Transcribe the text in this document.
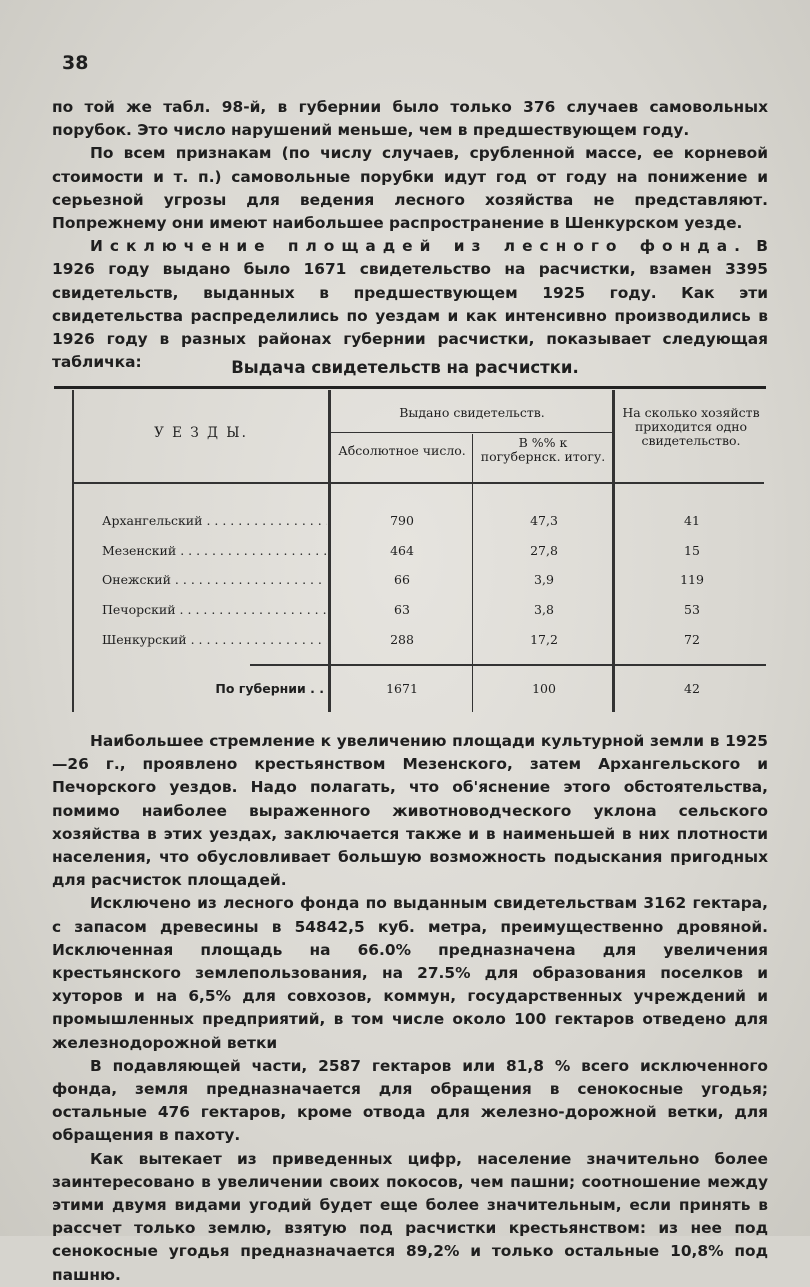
38

по той же табл. 98-й, в губернии было только 376 случаев самовольных порубок. Это число нарушений меньше, чем в предшествующем году.

По всем признакам (по числу случаев, срубленной массе, ее корневой стоимости и т. п.) самовольные порубки идут год от году на понижение и серьезной угрозы для ведения лесного хозяйства не представляют. Попрежнему они имеют наибольшее распространение в Шенкурском уезде.

Исключение площадей из лесного фонда. В 1926 году выдано было 1671 свидетельство на расчистки, взамен 3395 свидетельств, выданных в предшествующем 1925 году. Как эти свидетельства распределились по уездам и как интенсивно производились в 1926 году в разных районах губернии расчистки, показывает следующая табличка:	Выдача свидетельств на расчистки.
У Е З Д Ы.
Выдано свидетельств.
Абсолютное число.
В %% к погубернск. итогу.
На сколько хозяйств приходится одно свидетельство.
Архангельский . . .	790	47,3	41
Мезенский . . .	464	27,8	15
Онежский . . .	66	3,9	119
Печорский . . .	63	3,8	53
Шенкурский . . .	288	17,2	72
По губернии . .	1671	100	42

Наибольшее стремление к увеличению площади культурной земли в 1925—26 г., проявлено крестьянством Мезенского, затем Архангельского и Печорского уездов. Надо полагать, что об'яснение этого обстоятельства, помимо наиболее выраженного животноводческого уклона сельского хозяйства в этих уездах, заключается также и в наименьшей в них плотности населения, что обусловливает большую возможность подыскания пригодных для расчисток площадей.

Исключено из лесного фонда по выданным свидетельствам 3162 гектара, с запасом древесины в 54842,5 куб. метра, преимущественно дровяной. Исключенная площадь на 66.0% предназначена для увеличения крестьянского землепользования, на 27.5% для образования поселков и хуторов и на 6,5% для совхозов, коммун, государственных учреждений и промышленных предприятий, в том числе около 100 гектаров отведено для железнодорожной ветки

В подавляющей части, 2587 гектаров или 81,8 % всего исключенного фонда, земля предназначается для обращения в сенокосные угодья; остальные 476 гектаров, кроме отвода для железно-дорожной ветки, для обращения в пахоту.

Как вытекает из приведенных цифр, население значительно более заинтересовано в увеличении своих покосов, чем пашни; соотношение между этими двумя видами угодий будет еще более значительным, если принять в рассчет только землю, взятую под расчистки крестьянством: из нее под сенокосные угодья предназначается 89,2% и только остальные 10,8% под пашню.
